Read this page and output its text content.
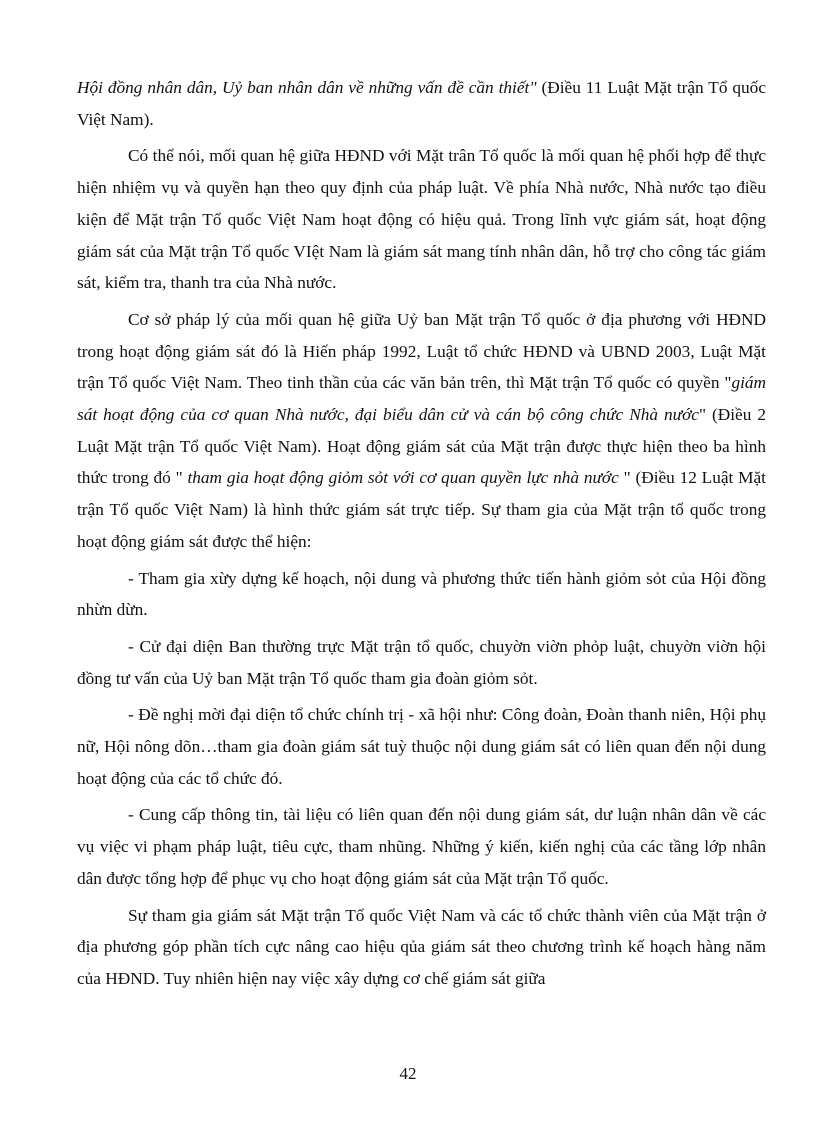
Hội đồng nhân dân, Uỷ ban nhân dân về những vấn đề cần thiết" (Điều 11 Luật Mặt trận Tổ quốc Việt Nam).

Có thể nói, mối quan hệ giữa HĐND với Mặt trân Tổ quốc là mối quan hệ phối hợp để thực hiện nhiệm vụ và quyền hạn theo quy định của pháp luật. Về phía Nhà nước, Nhà nước tạo điều kiện để Mặt trận Tổ quốc Việt Nam hoạt động có hiệu quả. Trong lĩnh vực giám sát, hoạt động giám sát của Mặt trận Tổ quốc VIệt Nam là giám sát mang tính nhân dân, hỗ trợ cho công tác giám sát, kiểm tra, thanh tra của Nhà nước.

Cơ sở pháp lý của mối quan hệ giữa Uỷ ban Mặt trận Tổ quốc ở địa phương với HĐND trong hoạt động giám sát đó là Hiến pháp 1992, Luật tổ chức HĐND và UBND 2003, Luật Mặt trận Tổ quốc Việt Nam. Theo tinh thần của các văn bản trên, thì Mặt trận Tổ quốc có quyền "giám sát hoạt động của cơ quan Nhà nước, đại biểu dân cử và cán bộ công chức Nhà nước" (Điều 2 Luật Mặt trận Tổ quốc Việt Nam). Hoạt động giám sát của Mặt trận được thực hiện theo ba hình thức trong đó " tham gia hoạt động giỏm sỏt với cơ quan quyền lực nhà nước " (Điều 12 Luật Mặt trận Tổ quốc Việt Nam) là hình thức giám sát trực tiếp. Sự tham gia của Mặt trận tổ quốc trong hoạt động giám sát được thể hiện:

- Tham gia xừy dựng kế hoạch, nội dung và phương thức tiến hành giỏm sỏt của Hội đồng nhừn dừn.

- Cử đại diện Ban thường trực Mặt trận tổ quốc, chuyờn viờn phỏp luật, chuyờn viờn hội đồng tư vấn của Uỷ ban Mặt trận Tổ quốc tham gia đoàn giỏm sỏt.

- Đề nghị mời đại diện tổ chức chính trị - xã hội như: Công đoàn, Đoàn thanh niên, Hội phụ nữ, Hội nông dõn…tham gia đoàn giám sát tuỳ thuộc nội dung giám sát có liên quan đến nội dung hoạt động của các tổ chức đó.

- Cung cấp thông tin, tài liệu có liên quan đến nội dung giám sát, dư luận nhân dân về các vụ việc vi phạm pháp luật, tiêu cực, tham nhũng. Những ý kiến, kiến nghị của các tầng lớp nhân dân được tổng hợp để phục vụ cho hoạt động giám sát của Mặt trận Tổ quốc.

Sự tham gia giám sát Mặt trận Tổ quốc Việt Nam và các tổ chức thành viên của Mặt trận ở địa phương góp phần tích cực nâng cao hiệu qủa giám sát theo chương trình kế hoạch hàng năm của HĐND. Tuy nhiên hiện nay việc xây dựng cơ chế giám sát giữa

42
